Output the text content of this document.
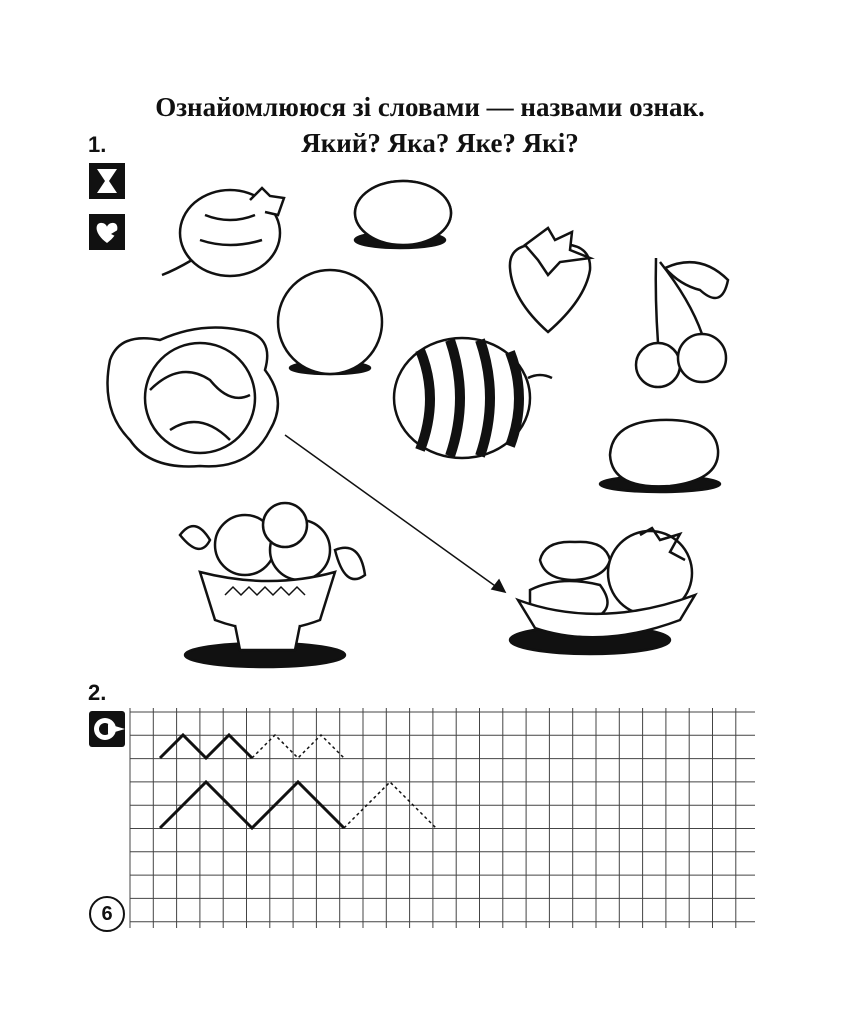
Ознайомлююся зі словами — назвами ознак.
Який? Яка? Яке? Які?
1.
2.
6
